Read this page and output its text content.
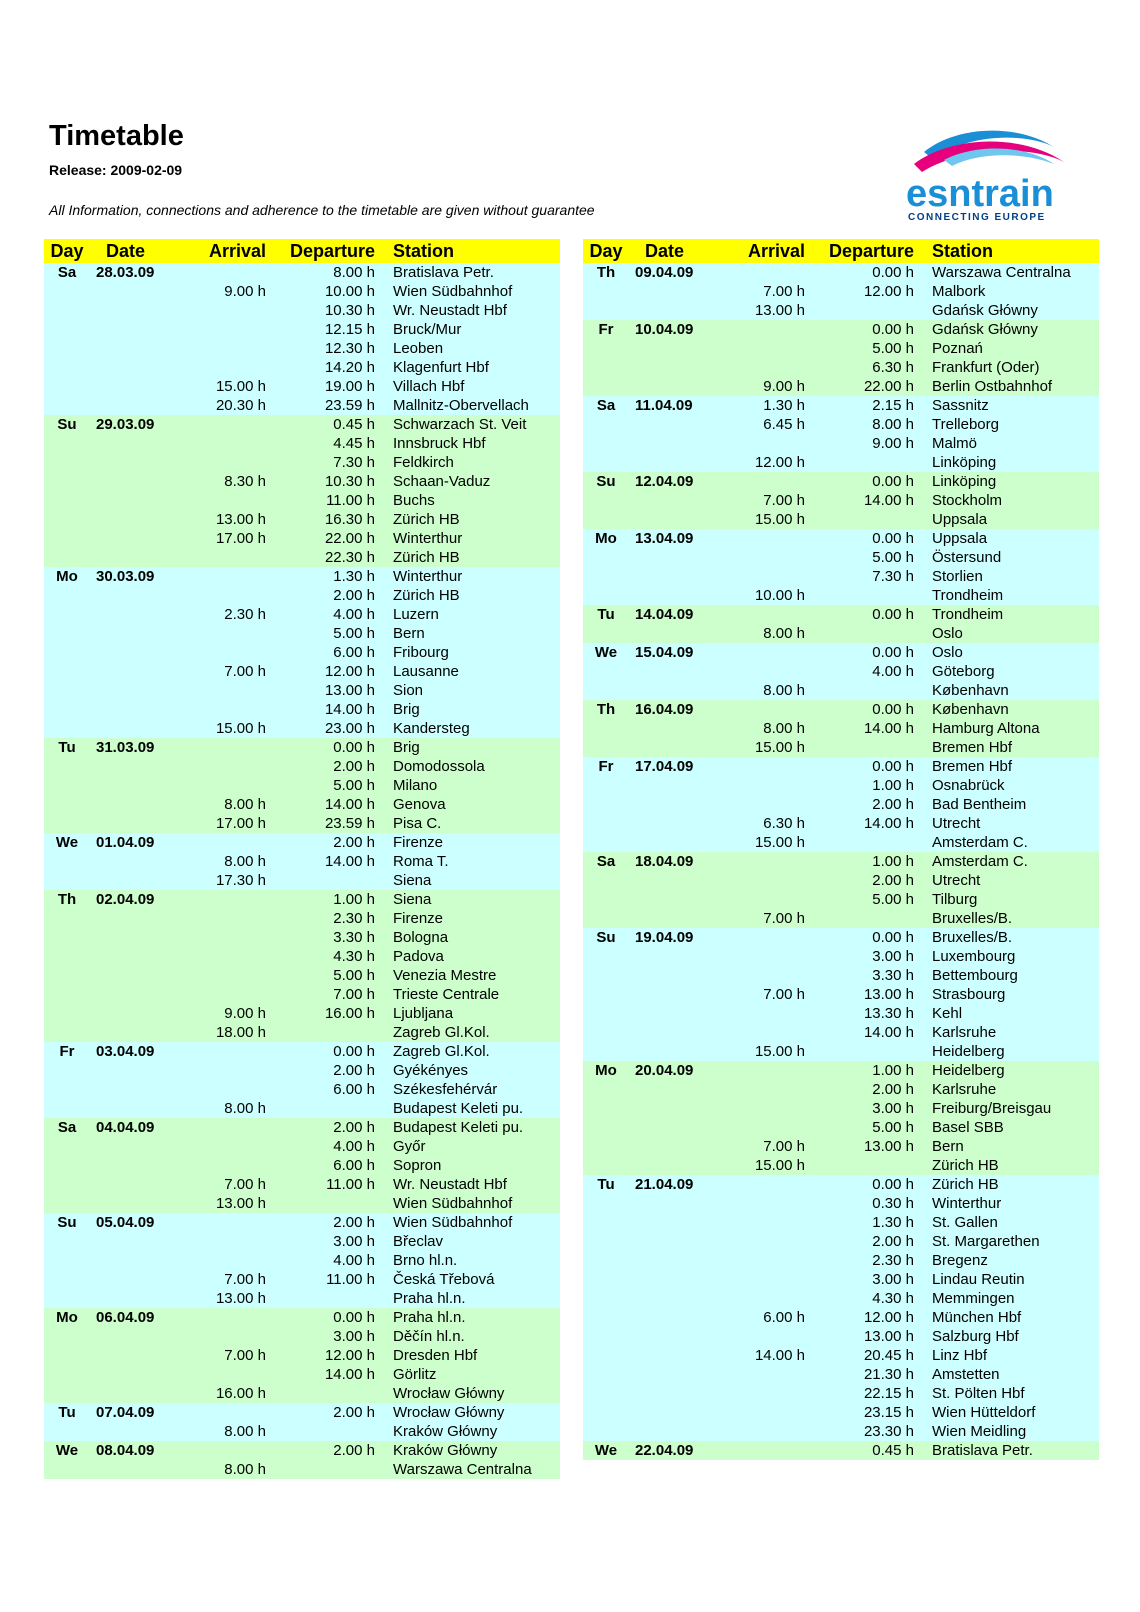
Timetable
Release: 2009-02-09
All Information, connections and adherence to the timetable are given without guarantee	esntrain
CONNECTING EUROPE
Day	Date	Arrival	Departure	Station
Sa	28.03.09		8.00 h	Bratislava Petr.
		9.00 h	10.00 h	Wien Südbahnhof
			10.30 h	Wr. Neustadt Hbf
			12.15 h	Bruck/Mur
			12.30 h	Leoben
			14.20 h	Klagenfurt Hbf
		15.00 h	19.00 h	Villach Hbf
		20.30 h	23.59 h	Mallnitz-Obervellach
Su	29.03.09		0.45 h	Schwarzach St. Veit
			4.45 h	Innsbruck Hbf
			7.30 h	Feldkirch
		8.30 h	10.30 h	Schaan-Vaduz
			11.00 h	Buchs
		13.00 h	16.30 h	Zürich HB
		17.00 h	22.00 h	Winterthur
			22.30 h	Zürich HB
Mo	30.03.09		1.30 h	Winterthur
			2.00 h	Zürich HB
		2.30 h	4.00 h	Luzern
			5.00 h	Bern
			6.00 h	Fribourg
		7.00 h	12.00 h	Lausanne
			13.00 h	Sion
			14.00 h	Brig
		15.00 h	23.00 h	Kandersteg
Tu	31.03.09		0.00 h	Brig
			2.00 h	Domodossola
			5.00 h	Milano
		8.00 h	14.00 h	Genova
		17.00 h	23.59 h	Pisa C.
We	01.04.09		2.00 h	Firenze
		8.00 h	14.00 h	Roma T.
		17.30 h		Siena
Th	02.04.09		1.00 h	Siena
			2.30 h	Firenze
			3.30 h	Bologna
			4.30 h	Padova
			5.00 h	Venezia Mestre
			7.00 h	Trieste Centrale
		9.00 h	16.00 h	Ljubljana
		18.00 h		Zagreb Gl.Kol.
Fr	03.04.09		0.00 h	Zagreb Gl.Kol.
			2.00 h	Gyékényes
			6.00 h	Székesfehérvár
		8.00 h		Budapest Keleti pu.
Sa	04.04.09		2.00 h	Budapest Keleti pu.
			4.00 h	Győr
			6.00 h	Sopron
		7.00 h	11.00 h	Wr. Neustadt Hbf
		13.00 h		Wien Südbahnhof
Su	05.04.09		2.00 h	Wien Südbahnhof
			3.00 h	Břeclav
			4.00 h	Brno hl.n.
		7.00 h	11.00 h	Česká Třebová
		13.00 h		Praha hl.n.
Mo	06.04.09		0.00 h	Praha hl.n.
			3.00 h	Děčín hl.n.
		7.00 h	12.00 h	Dresden Hbf
			14.00 h	Görlitz
		16.00 h		Wrocław Główny
Tu	07.04.09		2.00 h	Wrocław Główny
		8.00 h		Kraków Główny
We	08.04.09		2.00 h	Kraków Główny
		8.00 h		Warszawa Centralna
Day	Date	Arrival	Departure	Station
Th	09.04.09		0.00 h	Warszawa Centralna
		7.00 h	12.00 h	Malbork
		13.00 h		Gdańsk Główny
Fr	10.04.09		0.00 h	Gdańsk Główny
			5.00 h	Poznań
			6.30 h	Frankfurt (Oder)
		9.00 h	22.00 h	Berlin Ostbahnhof
Sa	11.04.09	1.30 h	2.15 h	Sassnitz
		6.45 h	8.00 h	Trelleborg
			9.00 h	Malmö
		12.00 h		Linköping
Su	12.04.09		0.00 h	Linköping
		7.00 h	14.00 h	Stockholm
		15.00 h		Uppsala
Mo	13.04.09		0.00 h	Uppsala
			5.00 h	Östersund
			7.30 h	Storlien
		10.00 h		Trondheim
Tu	14.04.09		0.00 h	Trondheim
		8.00 h		Oslo
We	15.04.09		0.00 h	Oslo
			4.00 h	Göteborg
		8.00 h		København
Th	16.04.09		0.00 h	København
		8.00 h	14.00 h	Hamburg Altona
		15.00 h		Bremen Hbf
Fr	17.04.09		0.00 h	Bremen Hbf
			1.00 h	Osnabrück
			2.00 h	Bad Bentheim
		6.30 h	14.00 h	Utrecht
		15.00 h		Amsterdam C.
Sa	18.04.09		1.00 h	Amsterdam C.
			2.00 h	Utrecht
			5.00 h	Tilburg
		7.00 h		Bruxelles/B.
Su	19.04.09		0.00 h	Bruxelles/B.
			3.00 h	Luxembourg
			3.30 h	Bettembourg
		7.00 h	13.00 h	Strasbourg
			13.30 h	Kehl
			14.00 h	Karlsruhe
		15.00 h		Heidelberg
Mo	20.04.09		1.00 h	Heidelberg
			2.00 h	Karlsruhe
			3.00 h	Freiburg/Breisgau
			5.00 h	Basel SBB
		7.00 h	13.00 h	Bern
		15.00 h		Zürich HB
Tu	21.04.09		0.00 h	Zürich HB
			0.30 h	Winterthur
			1.30 h	St. Gallen
			2.00 h	St. Margarethen
			2.30 h	Bregenz
			3.00 h	Lindau Reutin
			4.30 h	Memmingen
		6.00 h	12.00 h	München Hbf
			13.00 h	Salzburg Hbf
		14.00 h	20.45 h	Linz Hbf
			21.30 h	Amstetten
			22.15 h	St. Pölten Hbf
			23.15 h	Wien Hütteldorf
			23.30 h	Wien Meidling
We	22.04.09		0.45 h	Bratislava Petr.
